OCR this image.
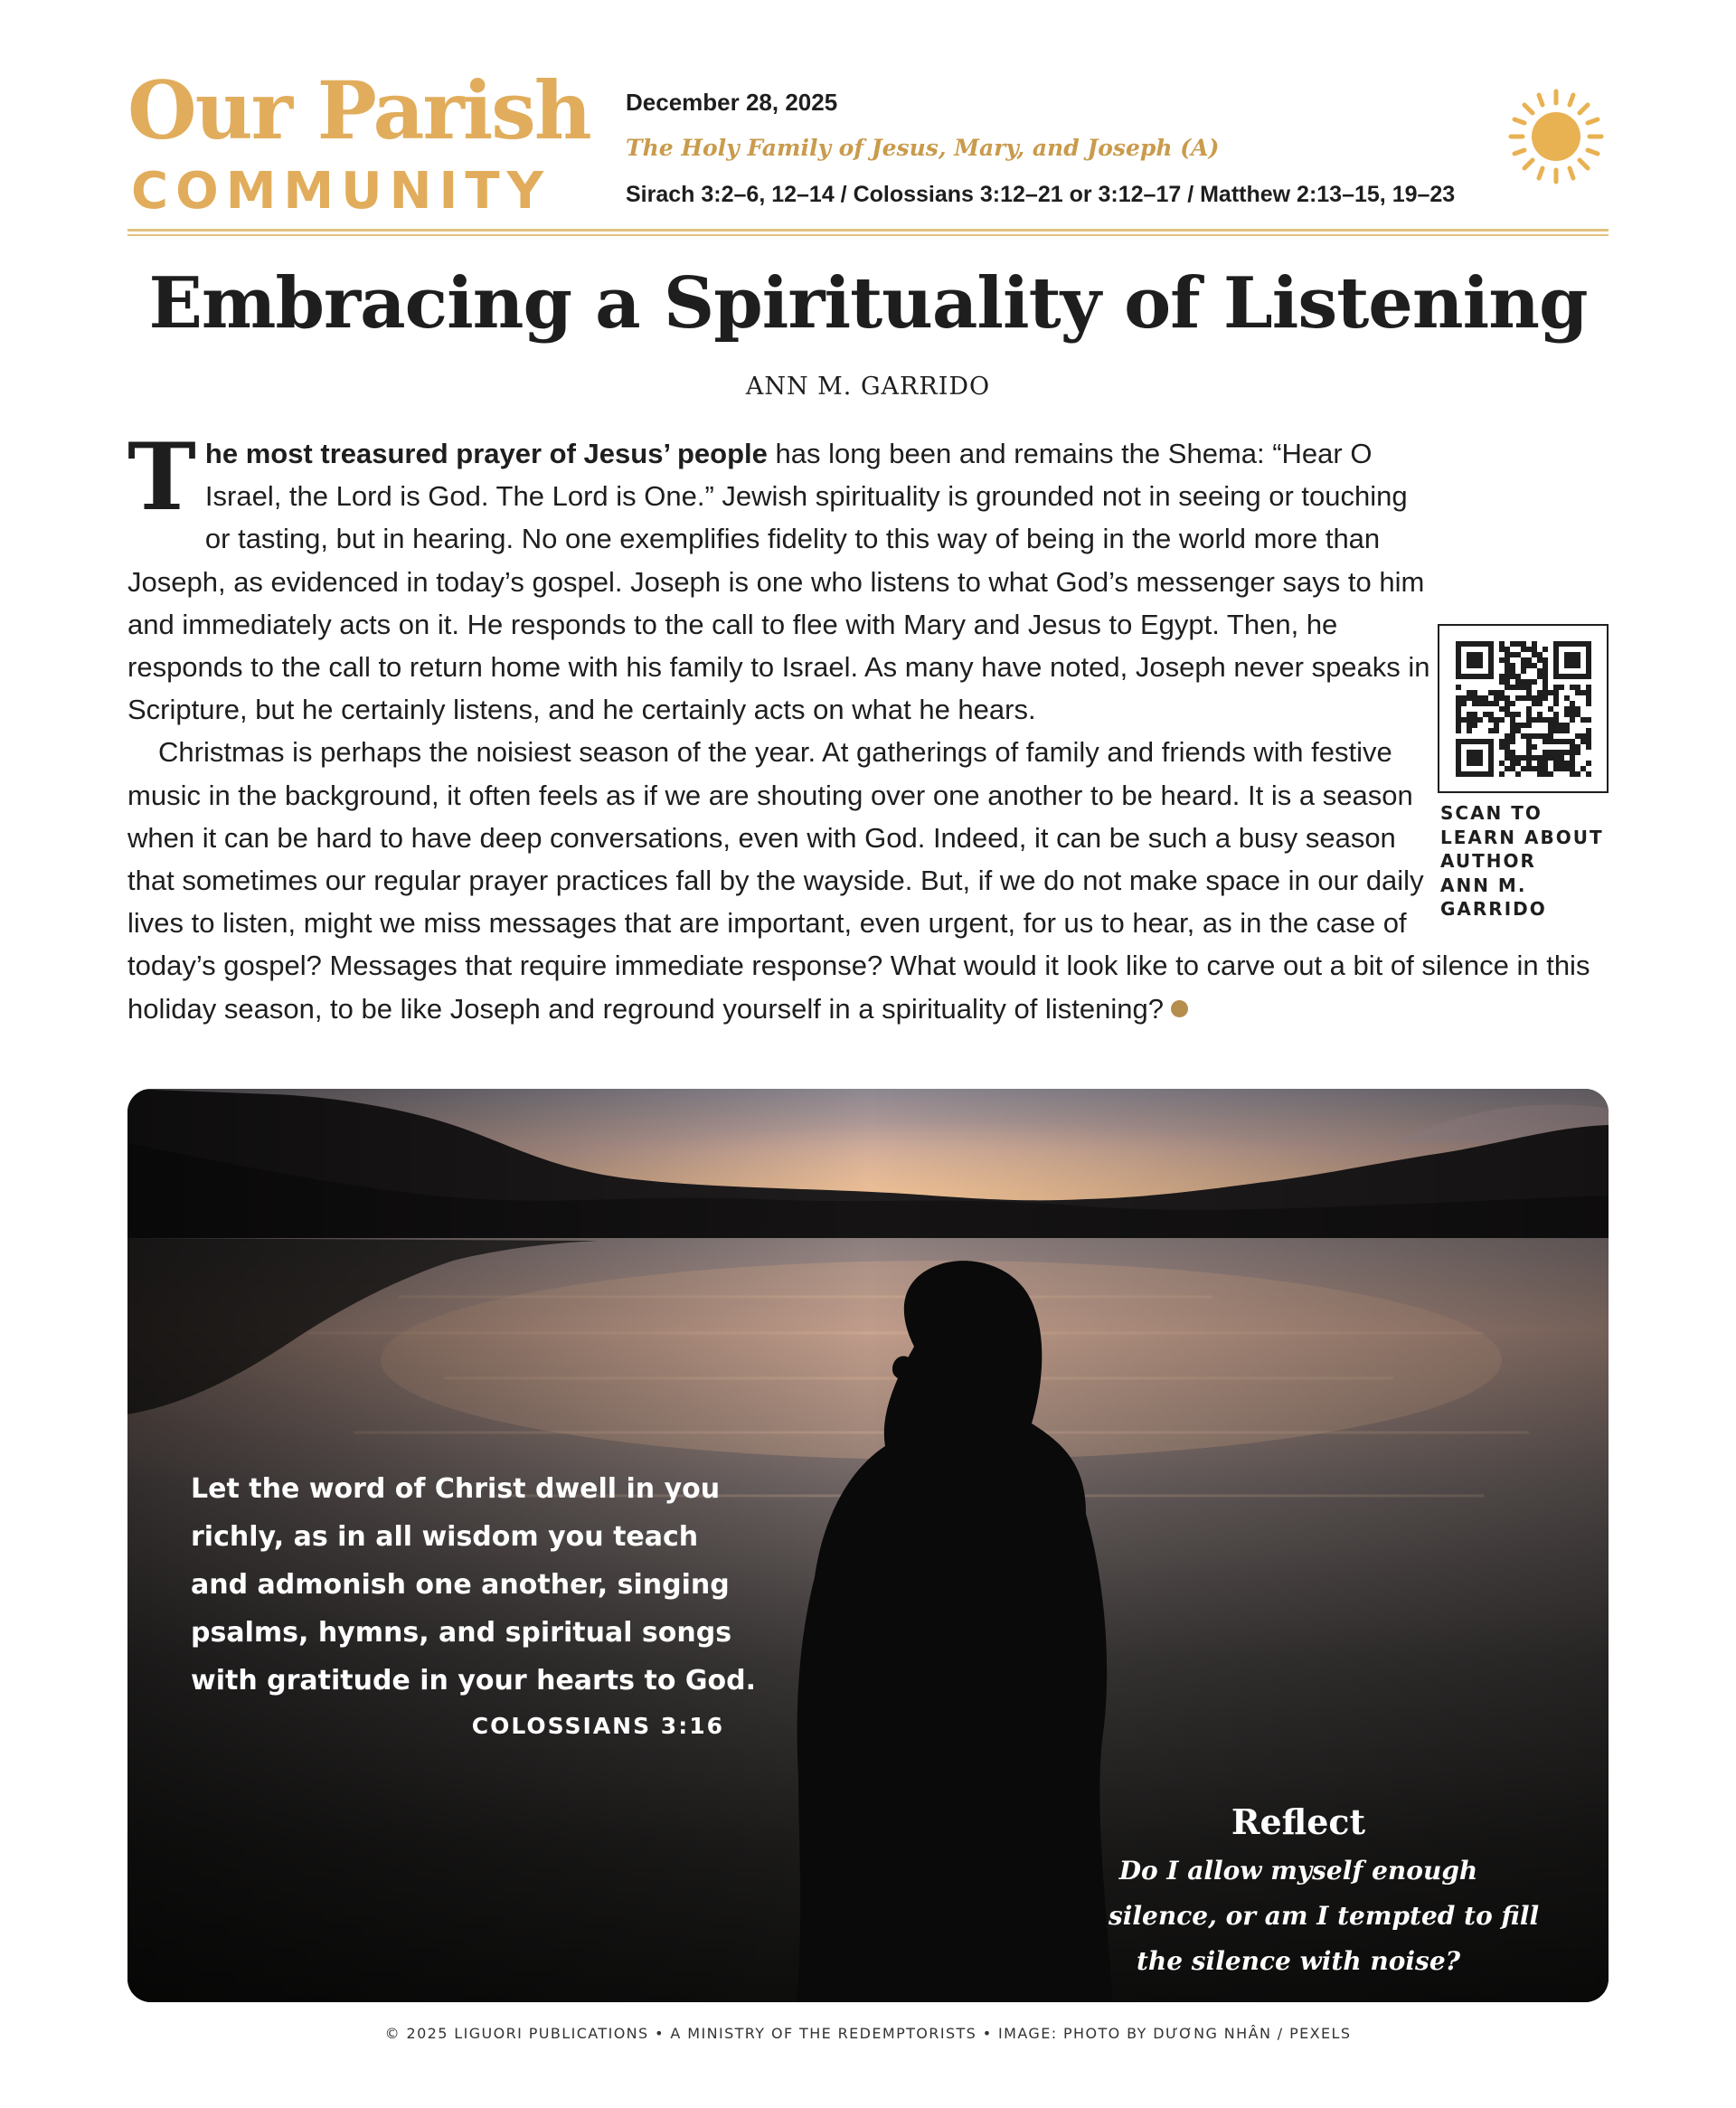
Our Parish
COMMUNITY
December 28, 2025
The Holy Family of Jesus, Mary, and Joseph (A)
Sirach 3:2–6, 12–14 / Colossians 3:12–21 or 3:12–17 / Matthew 2:13–15, 19–23
Embracing a Spirituality of Listening
ANN M. GARRIDO

The most treasured prayer of Jesus’ people has long been and remains the Shema: “Hear O Israel, the Lord is God. The Lord is One.” Jewish spirituality is grounded not in seeing or touching or tasting, but in hearing. No one exemplifies fidelity to this way of being in the world more than Joseph, as evidenced in today’s gospel. Joseph is one who listens to what God’s messenger says to him and immediately acts on it. He responds to the call to flee with Mary and Jesus to Egypt. Then, he responds to the call to return home with his family to Israel. As many have noted, Joseph never speaks in Scripture, but he certainly listens, and he certainly acts on what he hears.

Christmas is perhaps the noisiest season of the year. At gatherings of family and friends with festive music in the background, it often feels as if we are shouting over one another to be heard. It is a season when it can be hard to have deep conversations, even with God. Indeed, it can be such a busy season that sometimes our regular prayer practices fall by the wayside. But, if we do not make space in our daily lives to listen, might we miss messages that are important, even urgent, for us to hear, as in the case of today’s gospel? Messages that require immediate response? What would it look like to carve out a bit of silence in this holiday season, to be like Joseph and reground yourself in a spirituality of listening?

SCAN TO
LEARN ABOUT
AUTHOR
ANN M.
GARRIDO
Let the word of Christ dwell in you
richly, as in all wisdom you teach
and admonish one another, singing
psalms, hymns, and spiritual songs
with gratitude in your hearts to God.
COLOSSIANS 3:16
Reflect
Do I allow myself enough
silence, or am I tempted to fill
the silence with noise?
© 2025 LIGUORI PUBLICATIONS • A MINISTRY OF THE REDEMPTORISTS • IMAGE: PHOTO BY DƯƠNG NHÂN / PEXELS
